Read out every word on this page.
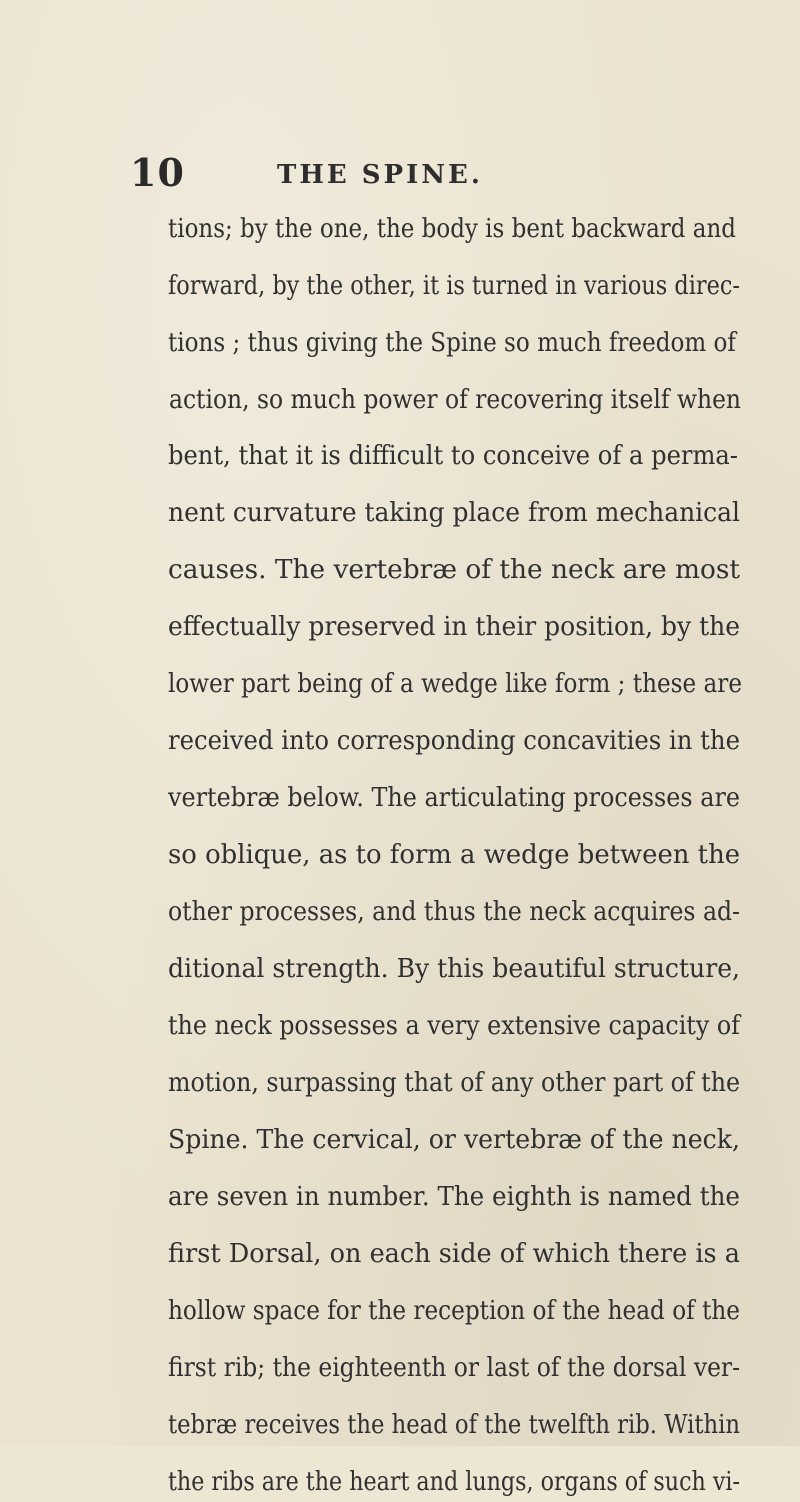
10	THE SPINE.
tions; by the one, the body is bent backward and
forward, by the other, it is turned in various direc-
tions ; thus giving the Spine so much freedom of
action, so much power of recovering itself when
bent, that it is difficult to conceive of a perma-
nent curvature taking place from mechanical
causes. The vertebræ of the neck are most
effectually preserved in their position, by the
lower part being of a wedge like form ; these are
received into corresponding concavities in the
vertebræ below. The articulating processes are
so oblique, as to form a wedge between the
other processes, and thus the neck acquires ad-
ditional strength. By this beautiful structure,
the neck possesses a very extensive capacity of
motion, surpassing that of any other part of the
Spine. The cervical, or vertebræ of the neck,
are seven in number. The eighth is named the
first Dorsal, on each side of which there is a
hollow space for the reception of the head of the
first rib; the eighteenth or last of the dorsal ver-
tebræ receives the head of the twelfth rib. Within
the ribs are the heart and lungs, organs of such vi-
